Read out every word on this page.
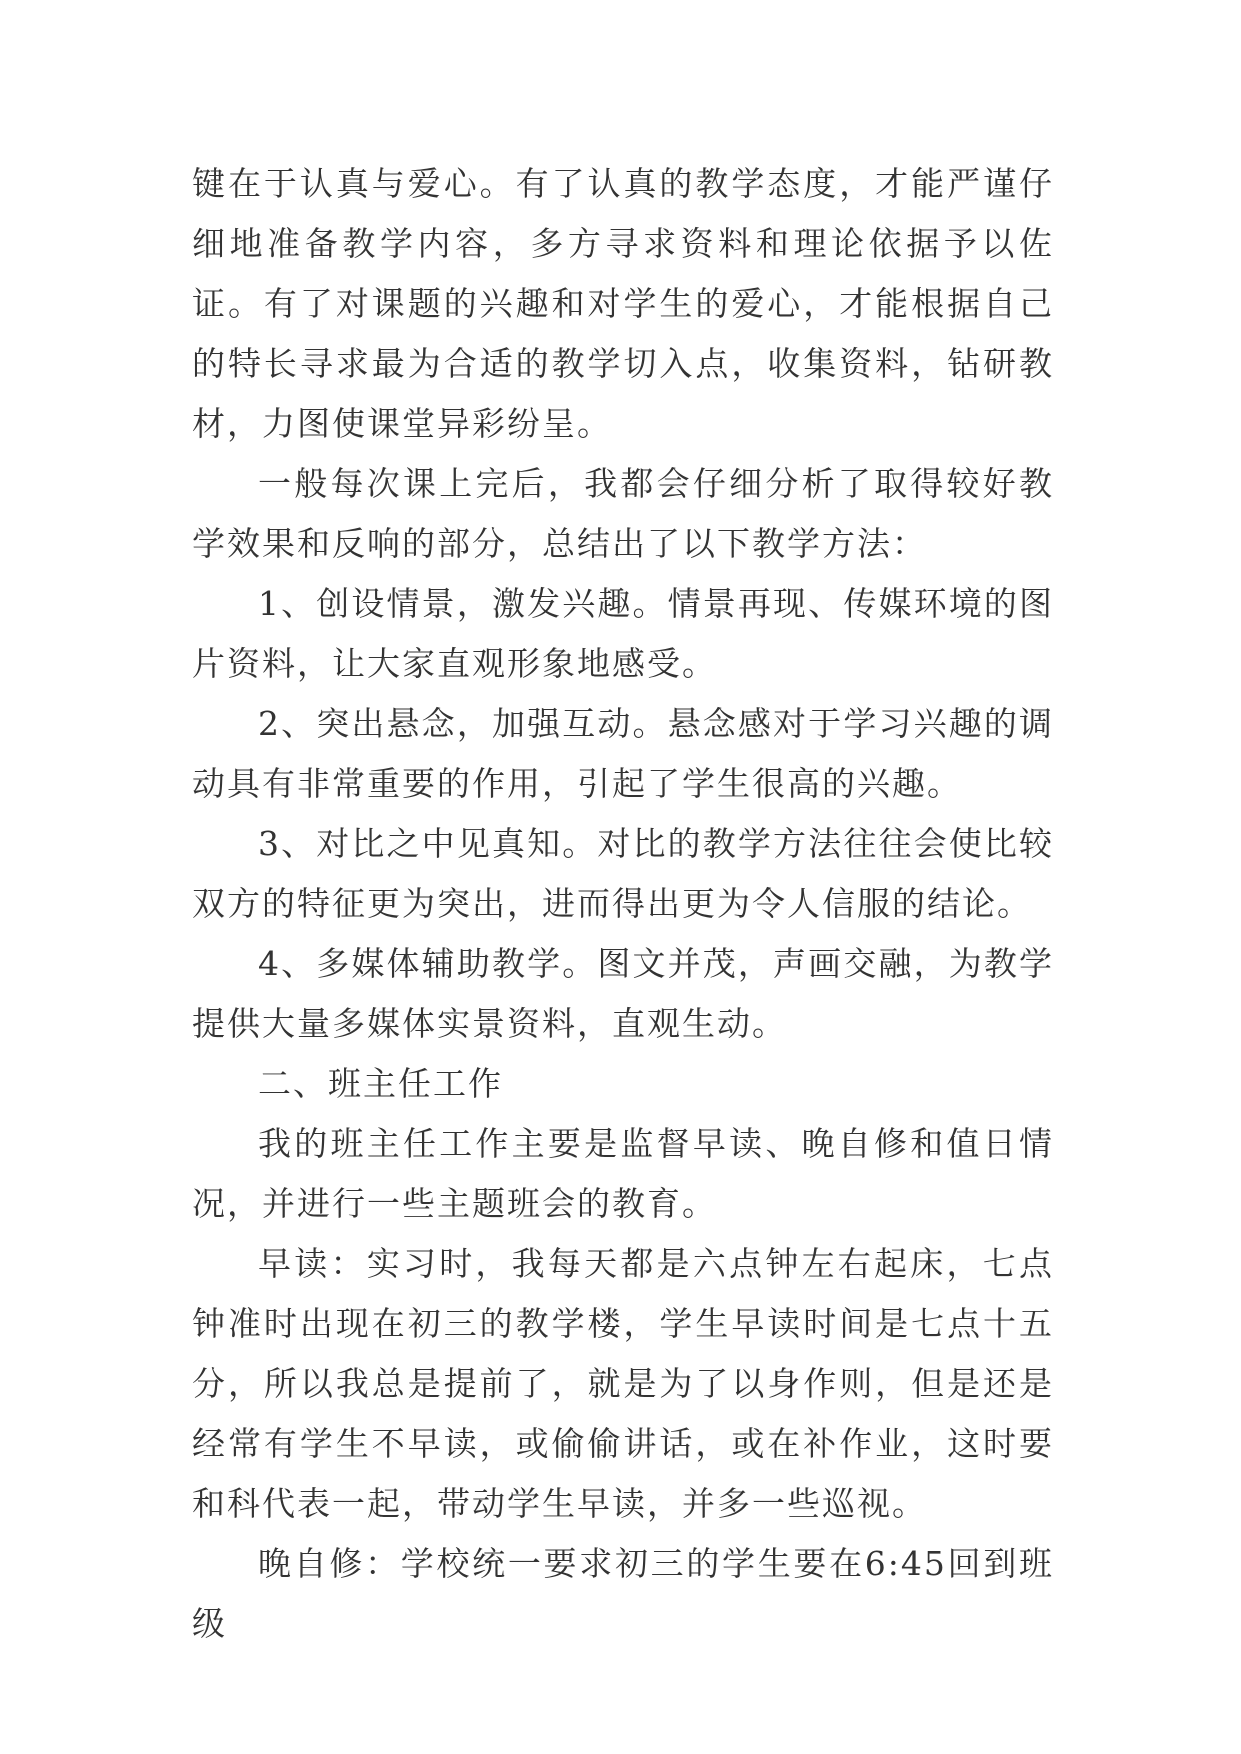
键在于认真与爱心。有了认真的教学态度，才能严谨仔细地准备教学内容，多方寻求资料和理论依据予以佐证。有了对课题的兴趣和对学生的爱心，才能根据自己的特长寻求最为合适的教学切入点，收集资料，钻研教材，力图使课堂异彩纷呈。

一般每次课上完后，我都会仔细分析了取得较好教学效果和反响的部分，总结出了以下教学方法：

1、创设情景，激发兴趣。情景再现、传媒环境的图片资料，让大家直观形象地感受。

2、突出悬念，加强互动。悬念感对于学习兴趣的调动具有非常重要的作用，引起了学生很高的兴趣。

3、对比之中见真知。对比的教学方法往往会使比较双方的特征更为突出，进而得出更为令人信服的结论。

4、多媒体辅助教学。图文并茂，声画交融，为教学提供大量多媒体实景资料，直观生动。

二、班主任工作

我的班主任工作主要是监督早读、晚自修和值日情况，并进行一些主题班会的教育。

早读：实习时，我每天都是六点钟左右起床，七点钟准时出现在初三的教学楼，学生早读时间是七点十五分，所以我总是提前了，就是为了以身作则，但是还是经常有学生不早读，或偷偷讲话，或在补作业，这时要和科代表一起，带动学生早读，并多一些巡视。

晚自修：学校统一要求初三的学生要在6:45回到班级
